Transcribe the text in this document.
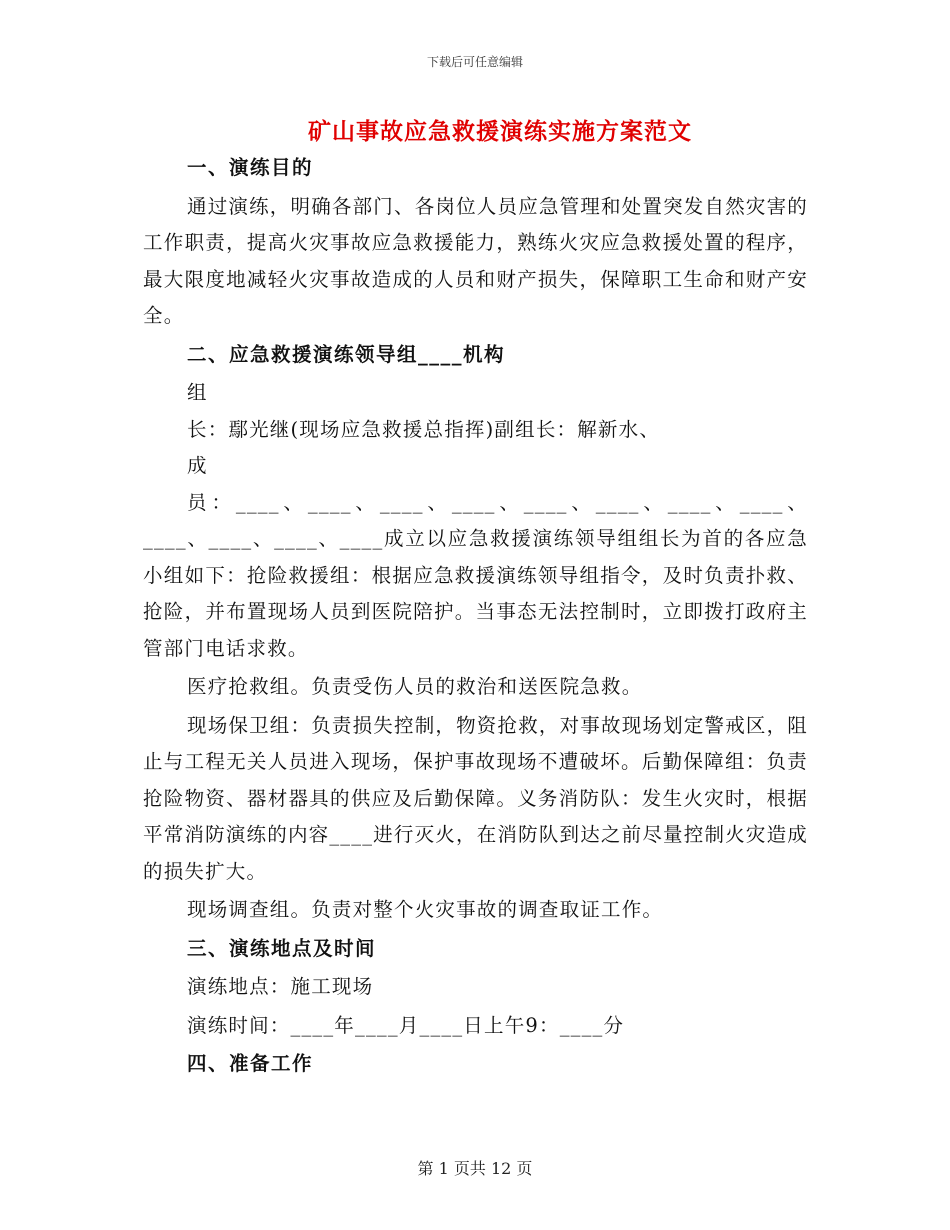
下载后可任意编辑
矿山事故应急救援演练实施方案范文

一、演练目的

通过演练，明确各部门、各岗位人员应急管理和处置突发自然灾害的工作职责，提高火灾事故应急救援能力，熟练火灾应急救援处置的程序，最大限度地减轻火灾事故造成的人员和财产损失，保障职工生命和财产安全。

二、应急救援演练领导组____机构

组

长：鄢光继(现场应急救援总指挥)副组长：解新水、

成

员：____、____、____、____、____、____、____、____、____、____、____、____成立以应急救援演练领导组组长为首的各应急小组如下：抢险救援组：根据应急救援演练领导组指令，及时负责扑救、抢险，并布置现场人员到医院陪护。当事态无法控制时，立即拨打政府主管部门电话求救。

医疗抢救组。负责受伤人员的救治和送医院急救。

现场保卫组：负责损失控制，物资抢救，对事故现场划定警戒区，阻止与工程无关人员进入现场，保护事故现场不遭破坏。后勤保障组：负责抢险物资、器材器具的供应及后勤保障。义务消防队：发生火灾时，根据平常消防演练的内容____进行灭火，在消防队到达之前尽量控制火灾造成的损失扩大。

现场调查组。负责对整个火灾事故的调查取证工作。

三、演练地点及时间

演练地点：施工现场

演练时间：____年____月____日上午9：____分

四、准备工作

第 1 页共 12 页
